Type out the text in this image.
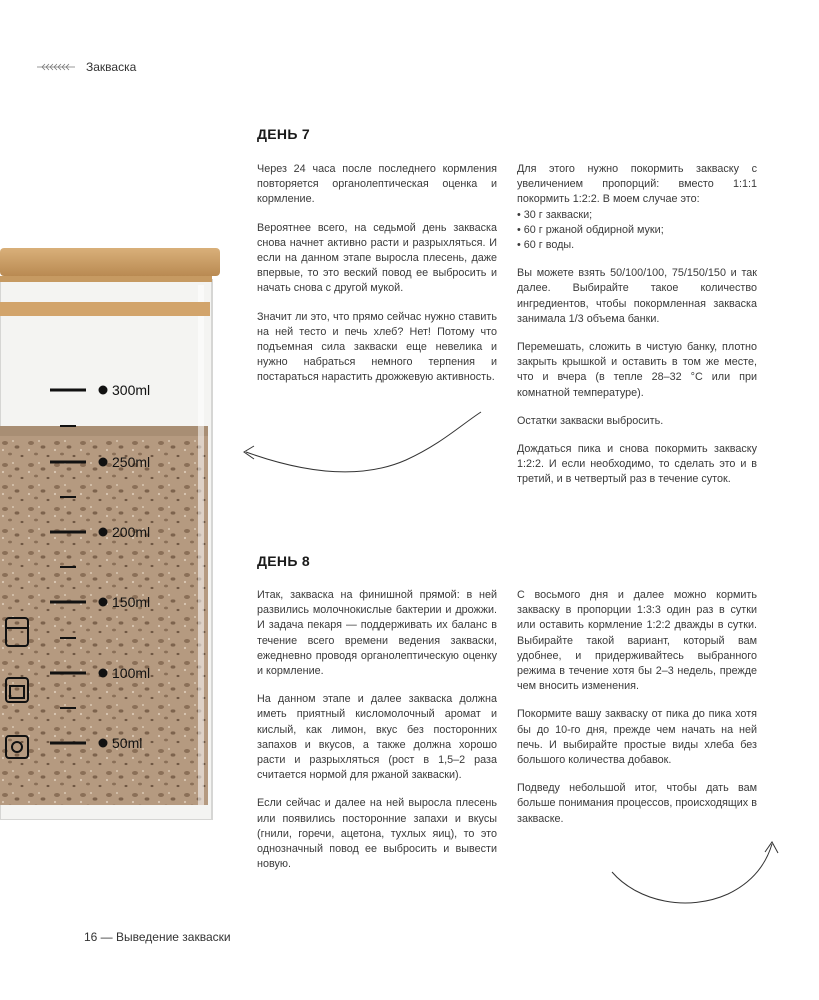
Закваска
300ml
250ml
200ml
150ml
100ml
50ml
ДЕНЬ 7

Через 24 часа после последнего кормления повторяется органолептическая оценка и кормление.

Вероятнее всего, на седьмой день закваска снова начнет активно расти и разрыхляться. И если на данном этапе выросла плесень, даже впервые, то это веский повод ее выбросить и начать снова с другой мукой.

Значит ли это, что прямо сейчас нужно ставить на ней тесто и печь хлеб? Нет! Потому что подъемная сила закваски еще невелика и нужно набраться немного терпения и постараться нарастить дрожжевую активность.

Для этого нужно покормить закваску с увеличением пропорций: вместо 1:1:1 покормить 1:2:2. В моем случае это:

• 30 г закваски;
• 60 г ржаной обдирной муки;
• 60 г воды.

Вы можете взять 50/100/100, 75/150/150 и так далее. Выбирайте такое количество ингредиентов, чтобы покормленная закваска занимала 1/3 объема банки.

Перемешать, сложить в чистую банку, плотно закрыть крышкой и оставить в том же месте, что и вчера (в тепле 28–32 °С или при комнатной температуре).

Остатки закваски выбросить.

Дождаться пика и снова покормить закваску 1:2:2. И если необходимо, то сделать это и в третий, и в четвертый раз в течение суток.

ДЕНЬ 8

Итак, закваска на финишной прямой: в ней развились молочнокислые бактерии и дрожжи. И задача пекаря — поддерживать их баланс в течение всего времени ведения закваски, ежедневно проводя органолептическую оценку и кормление.

На данном этапе и далее закваска должна иметь приятный кисломолочный аромат и кислый, как лимон, вкус без посторонних запахов и вкусов, а также должна хорошо расти и разрыхляться (рост в 1,5–2 раза считается нормой для ржаной закваски).

Если сейчас и далее на ней выросла плесень или появились посторонние запахи и вкусы (гнили, горечи, ацетона, тухлых яиц), то это однозначный повод ее выбросить и вывести новую.

С восьмого дня и далее можно кормить закваску в пропорции 1:3:3 один раз в сутки или оставить кормление 1:2:2 дважды в сутки. Выбирайте такой вариант, который вам удобнее, и придерживайтесь выбранного режима в течение хотя бы 2–3 недель, прежде чем вносить изменения.

Покормите вашу закваску от пика до пика хотя бы до 10-го дня, прежде чем начать на ней печь. И выбирайте простые виды хлеба без большого количества добавок.

Подведу небольшой итог, чтобы дать вам больше понимания процессов, происходящих в закваске.

16 — Выведение закваски
